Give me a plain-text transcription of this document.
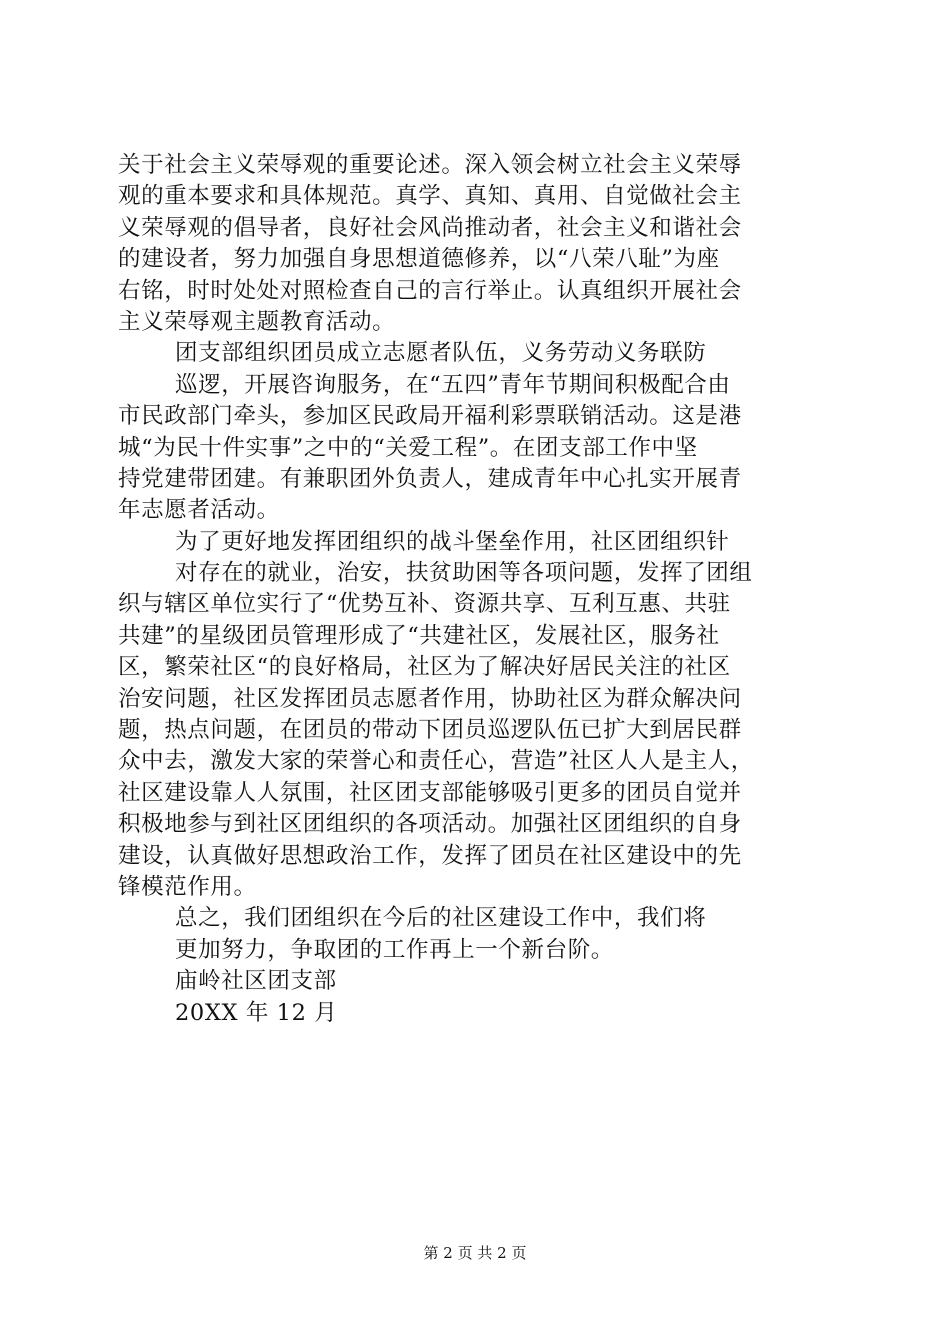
关于社会主义荣辱观的重要论述。深入领会树立社会主义荣辱
观的重本要求和具体规范。真学、真知、真用、自觉做社会主
义荣辱观的倡导者，良好社会风尚推动者，社会主义和谐社会
的建设者，努力加强自身思想道德修养，以“八荣八耻”为座
右铭，时时处处对照检查自己的言行举止。认真组织开展社会
主义荣辱观主题教育活动。
团支部组织团员成立志愿者队伍，义务劳动义务联防
巡逻，开展咨询服务，在“五四”青年节期间积极配合由
市民政部门牵头，参加区民政局开福利彩票联销活动。这是港
城“为民十件实事”之中的“关爱工程”。在团支部工作中坚
持党建带团建。有兼职团外负责人，建成青年中心扎实开展青
年志愿者活动。
为了更好地发挥团组织的战斗堡垒作用，社区团组织针
对存在的就业，治安，扶贫助困等各项问题，发挥了团组
织与辖区单位实行了“优势互补、资源共享、互利互惠、共驻
共建”的星级团员管理形成了“共建社区，发展社区，服务社
区，繁荣社区“的良好格局，社区为了解决好居民关注的社区
治安问题，社区发挥团员志愿者作用，协助社区为群众解决问
题，热点问题，在团员的带动下团员巡逻队伍已扩大到居民群
众中去，激发大家的荣誉心和责任心，营造”社区人人是主人，
社区建设靠人人氛围，社区团支部能够吸引更多的团员自觉并
积极地参与到社区团组织的各项活动。加强社区团组织的自身
建设，认真做好思想政治工作，发挥了团员在社区建设中的先
锋模范作用。
总之，我们团组织在今后的社区建设工作中，我们将
更加努力，争取团的工作再上一个新台阶。
庙岭社区团支部
20XX 年 12 月
第 2 页 共 2 页
